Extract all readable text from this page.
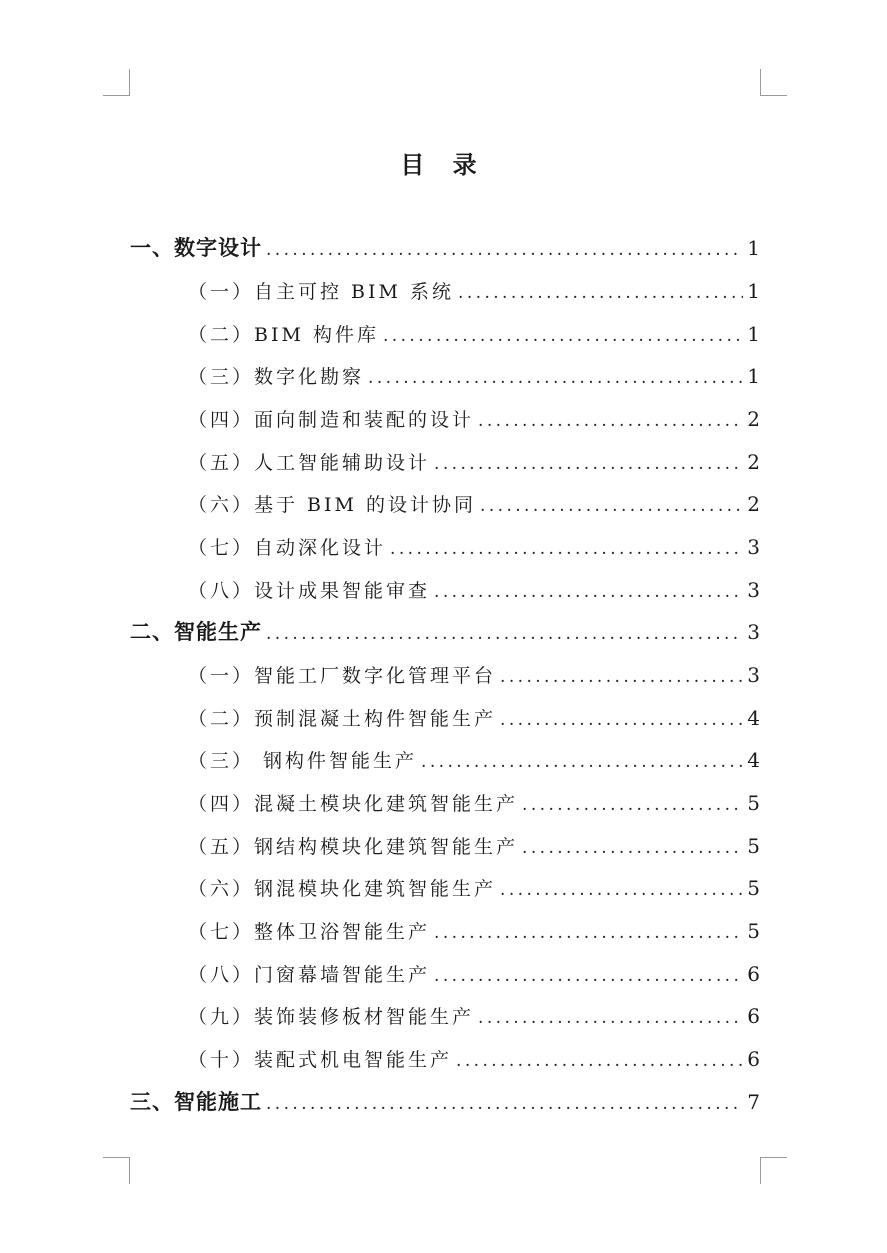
目 录
一、数字设计 . . .	1
（一）自主可控 BIM 系统 . . .	1
（二）BIM 构件库 . . .	1
（三）数字化勘察 . . .	1
（四）面向制造和装配的设计 . . .	2
（五）人工智能辅助设计 . . .	2
（六）基于 BIM 的设计协同 . . .	2
（七）自动深化设计 . . .	3
（八）设计成果智能审查 . . .	3
二、智能生产 . . .	3
（一）智能工厂数字化管理平台 . . .	3
（二）预制混凝土构件智能生产 . . .	4
（三） 钢构件智能生产 . . .	4
（四）混凝土模块化建筑智能生产 . . .	5
（五）钢结构模块化建筑智能生产 . . .	5
（六）钢混模块化建筑智能生产 . . .	5
（七）整体卫浴智能生产 . . .	5
（八）门窗幕墙智能生产 . . .	6
（九）装饰装修板材智能生产 . . .	6
（十）装配式机电智能生产 . . .	6
三、智能施工 . . .	7
